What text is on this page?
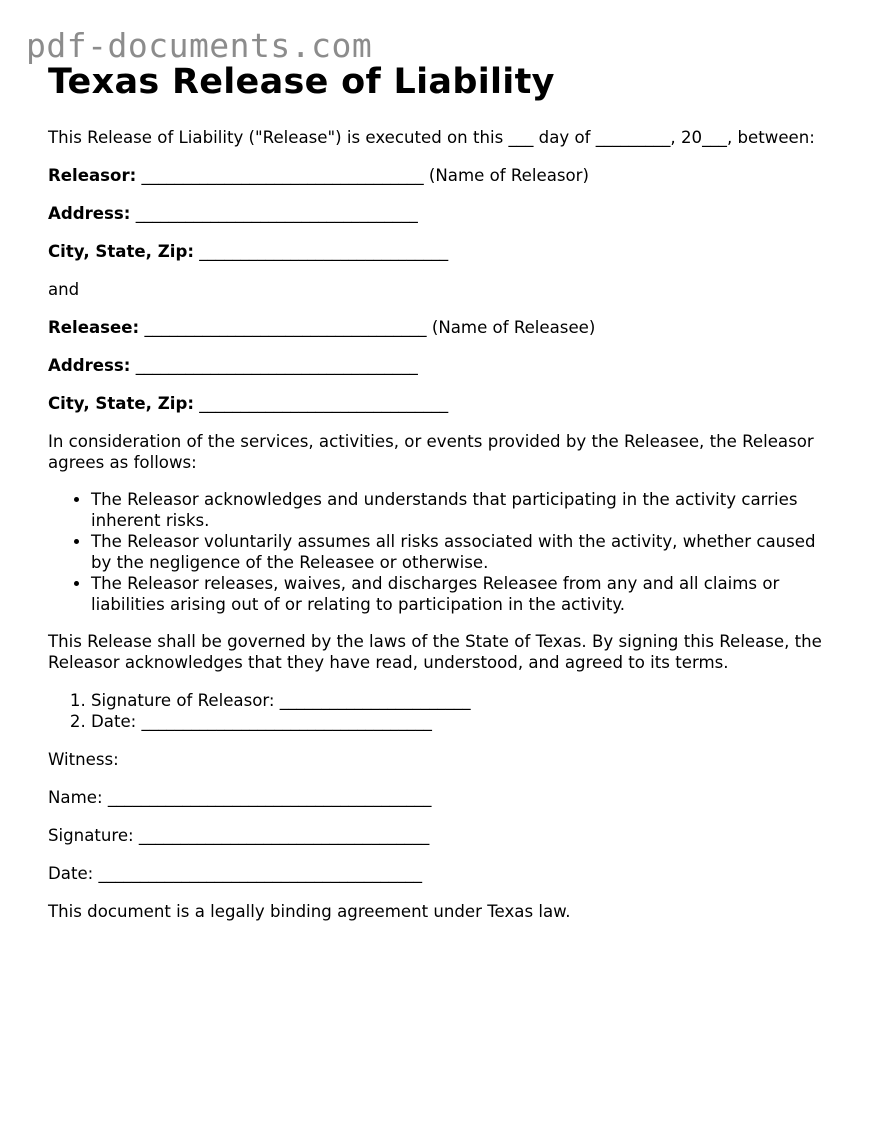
pdf-documents.com
Texas Release of Liability

This Release of Liability ("Release") is executed on this ___ day of _________, 20___, between:

Releasor: __________________________________ (Name of Releasor)

Address: __________________________________

City, State, Zip: ______________________________

and

Releasee: __________________________________ (Name of Releasee)

Address: __________________________________

City, State, Zip: ______________________________

In consideration of the services, activities, or events provided by the Releasee, the Releasor agrees as follows:

• The Releasor acknowledges and understands that participating in the activity carries inherent risks.
• The Releasor voluntarily assumes all risks associated with the activity, whether caused by the negligence of the Releasee or otherwise.
• The Releasor releases, waives, and discharges Releasee from any and all claims or liabilities arising out of or relating to participation in the activity.

This Release shall be governed by the laws of the State of Texas. By signing this Release, the Releasor acknowledges that they have read, understood, and agreed to its terms.

1. Signature of Releasor: _______________________
2. Date: ___________________________________

Witness:

Name: _______________________________________

Signature: ___________________________________

Date: _______________________________________

This document is a legally binding agreement under Texas law.
